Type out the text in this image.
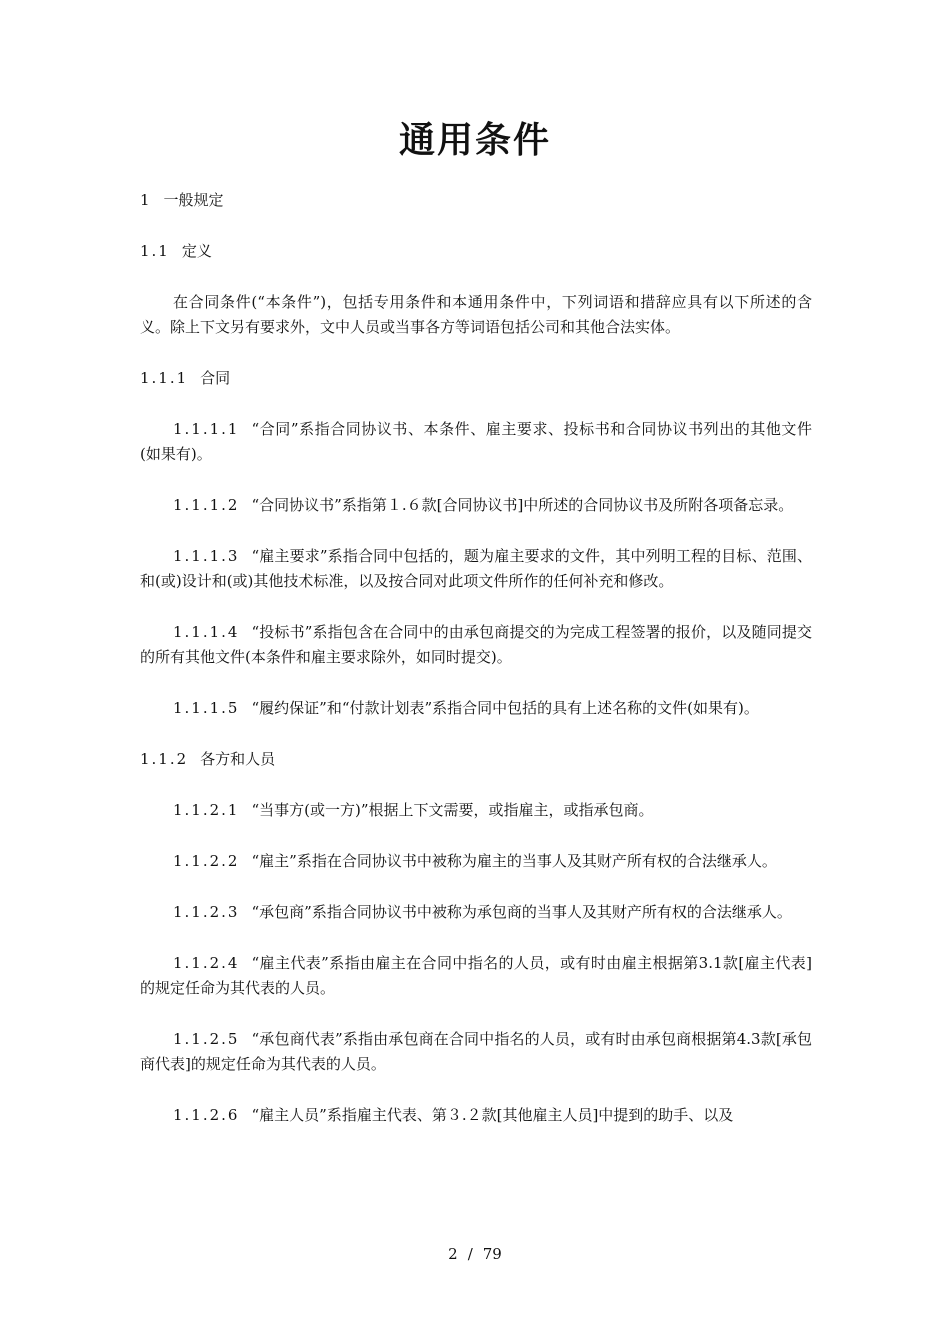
通用条件
1 一般规定
1.1 定义
在合同条件(“本条件”)，包括专用条件和本通用条件中，下列词语和措辞应具有以下所述的含义。除上下文另有要求外，文中人员或当事各方等词语包括公司和其他合法实体。
1.1.1 合同
1.1.1.1 “合同”系指合同协议书、本条件、雇主要求、投标书和合同协议书列出的其他文件(如果有)。
1.1.1.2 “合同协议书”系指第１.６款[合同协议书]中所述的合同协议书及所附各项备忘录。
1.1.1.3 “雇主要求”系指合同中包括的，题为雇主要求的文件，其中列明工程的目标、范围、和(或)设计和(或)其他技术标准，以及按合同对此项文件所作的任何补充和修改。
1.1.1.4 “投标书”系指包含在合同中的由承包商提交的为完成工程签署的报价，以及随同提交的所有其他文件(本条件和雇主要求除外，如同时提交)。
1.1.1.5 “履约保证”和“付款计划表”系指合同中包括的具有上述名称的文件(如果有)。
1.1.2 各方和人员
1.1.2.1 “当事方(或一方)”根据上下文需要，或指雇主，或指承包商。
1.1.2.2 “雇主”系指在合同协议书中被称为雇主的当事人及其财产所有权的合法继承人。
1.1.2.3 “承包商”系指合同协议书中被称为承包商的当事人及其财产所有权的合法继承人。
1.1.2.4 “雇主代表”系指由雇主在合同中指名的人员，或有时由雇主根据第3.1款[雇主代表]的规定任命为其代表的人员。
1.1.2.5 “承包商代表”系指由承包商在合同中指名的人员，或有时由承包商根据第4.3款[承包商代表]的规定任命为其代表的人员。
1.1.2.6 “雇主人员”系指雇主代表、第３.２款[其他雇主人员]中提到的助手、以及
2 / 79
